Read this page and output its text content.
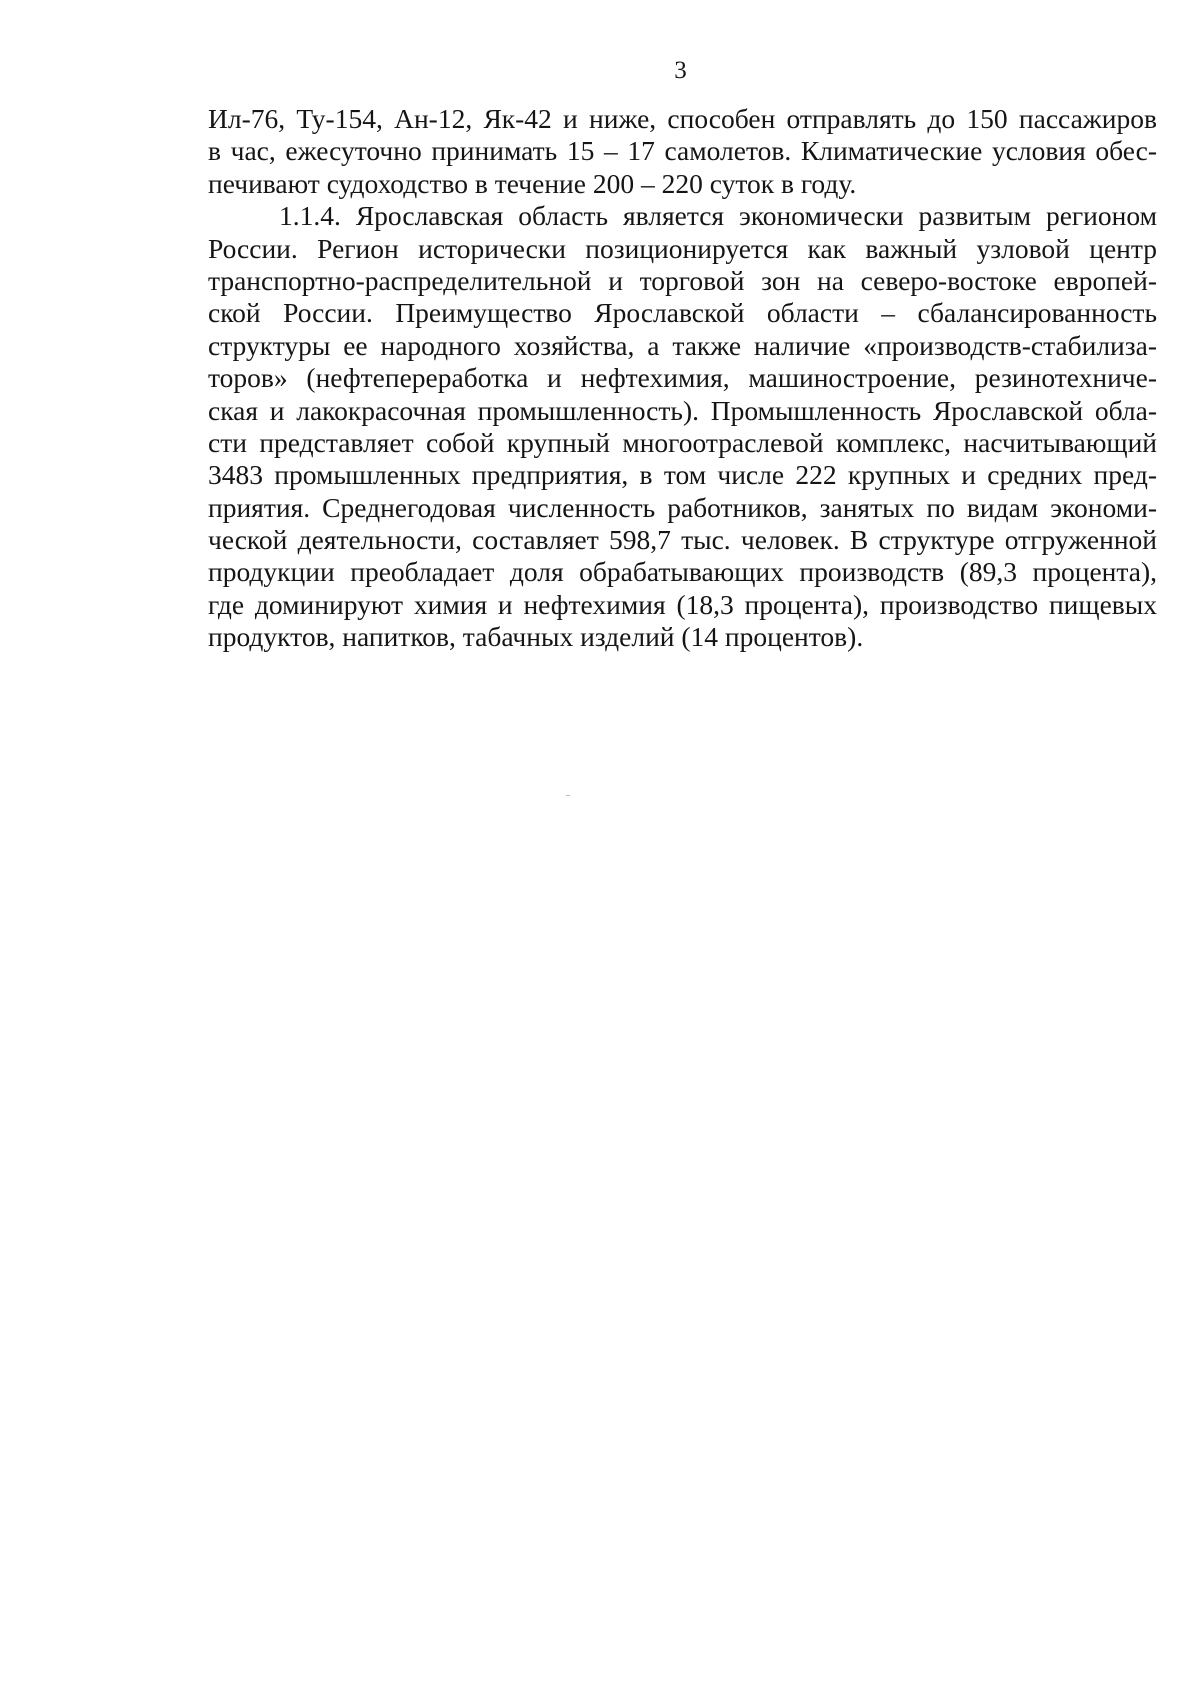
3
Ил-76, Ту-154, Ан-12, Як-42 и ниже, способен отправлять до 150 пассажиров
в час, ежесуточно принимать 15 – 17 самолетов. Климатические условия обес-
печивают судоходство в течение 200 – 220 суток в году.
1.1.4. Ярославская область является экономически развитым регионом
России. Регион исторически позиционируется как важный узловой центр
транспортно-распределительной и торговой зон на северо-востоке европей-
ской России. Преимущество Ярославской области – сбалансированность
структуры ее народного хозяйства, а также наличие «производств-стабилиза-
торов» (нефтепереработка и нефтехимия, машиностроение, резинотехниче-
ская и лакокрасочная промышленность). Промышленность Ярославской обла-
сти представляет собой крупный многоотраслевой комплекс, насчитывающий
3483 промышленных предприятия, в том числе 222 крупных и средних пред-
приятия. Среднегодовая численность работников, занятых по видам экономи-
ческой деятельности, составляет 598,7 тыс. человек. В структуре отгруженной
продукции преобладает доля обрабатывающих производств (89,3 процента),
где доминируют химия и нефтехимия (18,3 процента), производство пищевых
продуктов, напитков, табачных изделий (14 процентов).
